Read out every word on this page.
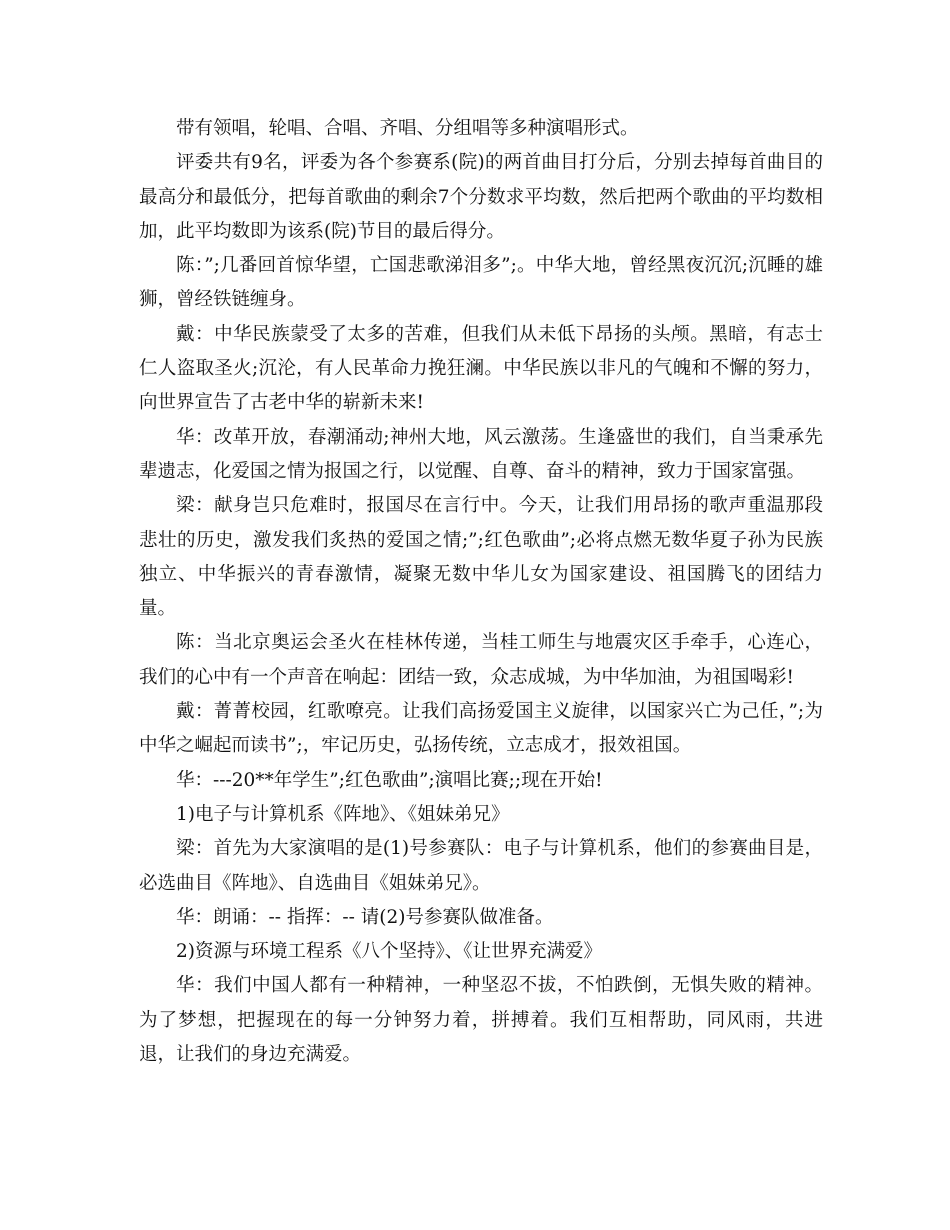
带有领唱，轮唱、合唱、齐唱、分组唱等多种演唱形式。

评委共有9名，评委为各个参赛系(院)的两首曲目打分后，分别去掉每首曲目的最高分和最低分，把每首歌曲的剩余7个分数求平均数，然后把两个歌曲的平均数相加，此平均数即为该系(院)节目的最后得分。

陈：”;几番回首惊华望，亡国悲歌涕泪多”;。中华大地，曾经黑夜沉沉;沉睡的雄狮，曾经铁链缠身。

戴：中华民族蒙受了太多的苦难，但我们从未低下昂扬的头颅。黑暗，有志士仁人盗取圣火;沉沦，有人民革命力挽狂澜。中华民族以非凡的气魄和不懈的努力，向世界宣告了古老中华的崭新未来!

华：改革开放，春潮涌动;神州大地，风云激荡。生逢盛世的我们，自当秉承先辈遗志，化爱国之情为报国之行，以觉醒、自尊、奋斗的精神，致力于国家富强。

梁：献身岂只危难时，报国尽在言行中。今天，让我们用昂扬的歌声重温那段悲壮的历史，激发我们炙热的爱国之情;”;红色歌曲”;必将点燃无数华夏子孙为民族独立、中华振兴的青春激情，凝聚无数中华儿女为国家建设、祖国腾飞的团结力量。

陈：当北京奥运会圣火在桂林传递，当桂工师生与地震灾区手牵手，心连心，我们的心中有一个声音在响起：团结一致，众志成城，为中华加油，为祖国喝彩!

戴：菁菁校园，红歌嘹亮。让我们高扬爱国主义旋律，以国家兴亡为己任，”;为中华之崛起而读书”;，牢记历史，弘扬传统，立志成才，报效祖国。

华：---20**年学生”;红色歌曲”;演唱比赛;;现在开始!

1)电子与计算机系《阵地》、《姐妹弟兄》

梁：首先为大家演唱的是(1)号参赛队：电子与计算机系，他们的参赛曲目是，必选曲目《阵地》、自选曲目《姐妹弟兄》。

华：朗诵：-- 指挥：-- 请(2)号参赛队做准备。

2)资源与环境工程系《八个坚持》、《让世界充满爱》

华：我们中国人都有一种精神，一种坚忍不拔，不怕跌倒，无惧失败的精神。为了梦想，把握现在的每一分钟努力着，拼搏着。我们互相帮助，同风雨，共进退，让我们的身边充满爱。
